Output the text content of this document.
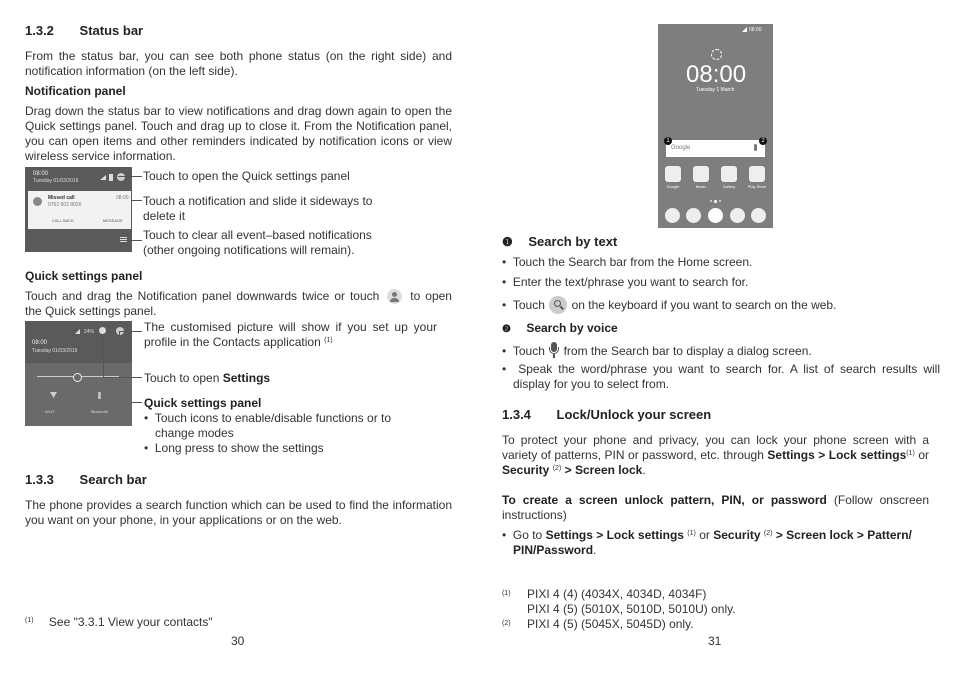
1.3.2 Status bar
From the status bar, you can see both phone status (on the right side) and notification information (on the left side).
Notification panel
Drag down the status bar to view notifications and drag down again to open the Quick settings panel. Touch and drag up to close it. From the Notification panel, you can open items and other reminders indicated by notification icons or view wireless service information.
08:00
Tuesday 01/03/2016
Missed call
0752 602 8026
08:00
CALL BACK	MESSAGE
Touch to open the Quick settings panel
Touch a notification and slide it sideways to delete it
Touch to clear all event–based notifications (other ongoing notifications will remain).
Quick settings panel
Touch and drag the Notification panel downwards twice or touch	to open the Quick settings panel.
24%
08:00
Tuesday 01/03/2016
Wi-Fi	Bluetooth
The customised picture will show if you set up your profile in the Contacts application $^{(1)}$
Touch to open Settings
Quick settings panel
•  Touch icons to enable/disable functions or to change modes
•  Long press to show the settings
1.3.3 Search bar
The phone provides a search function which can be used to find the information you want on your phone, in your applications or on the web.
$^{(1)}$ See "3.3.1 View your contacts"
30
08:00
08:00
Tuesday 1 March
Google
1	2
Google	Music	Gallery	Play Store
❶ Search by text
•  Touch the Search bar from the Home screen.
•  Enter the text/phrase you want to search for.
•  Touch on the keyboard if you want to search on the web.
❷ Search by voice
•  Touch from the Search bar to display a dialog screen.
•  Speak the word/phrase you want to search for. A list of search results will display for you to select from.
1.3.4 Lock/Unlock your screen
To protect your phone and privacy, you can lock your phone screen with a variety of patterns, PIN or password, etc. through Settings > Lock settings$^{(1)}$ or Security $^{(2)}$ > Screen lock.
To create a screen unlock pattern, PIN, or password (Follow onscreen instructions)
•  Go to Settings > Lock settings $^{(1)}$ or Security $^{(2)}$ > Screen lock > Pattern/ PIN/Password.
(1) PIXI 4 (4) (4034X, 4034D, 4034F)
PIXI 4 (5) (5010X, 5010D, 5010U) only.
(2) PIXI 4 (5) (5045X, 5045D) only.
31
